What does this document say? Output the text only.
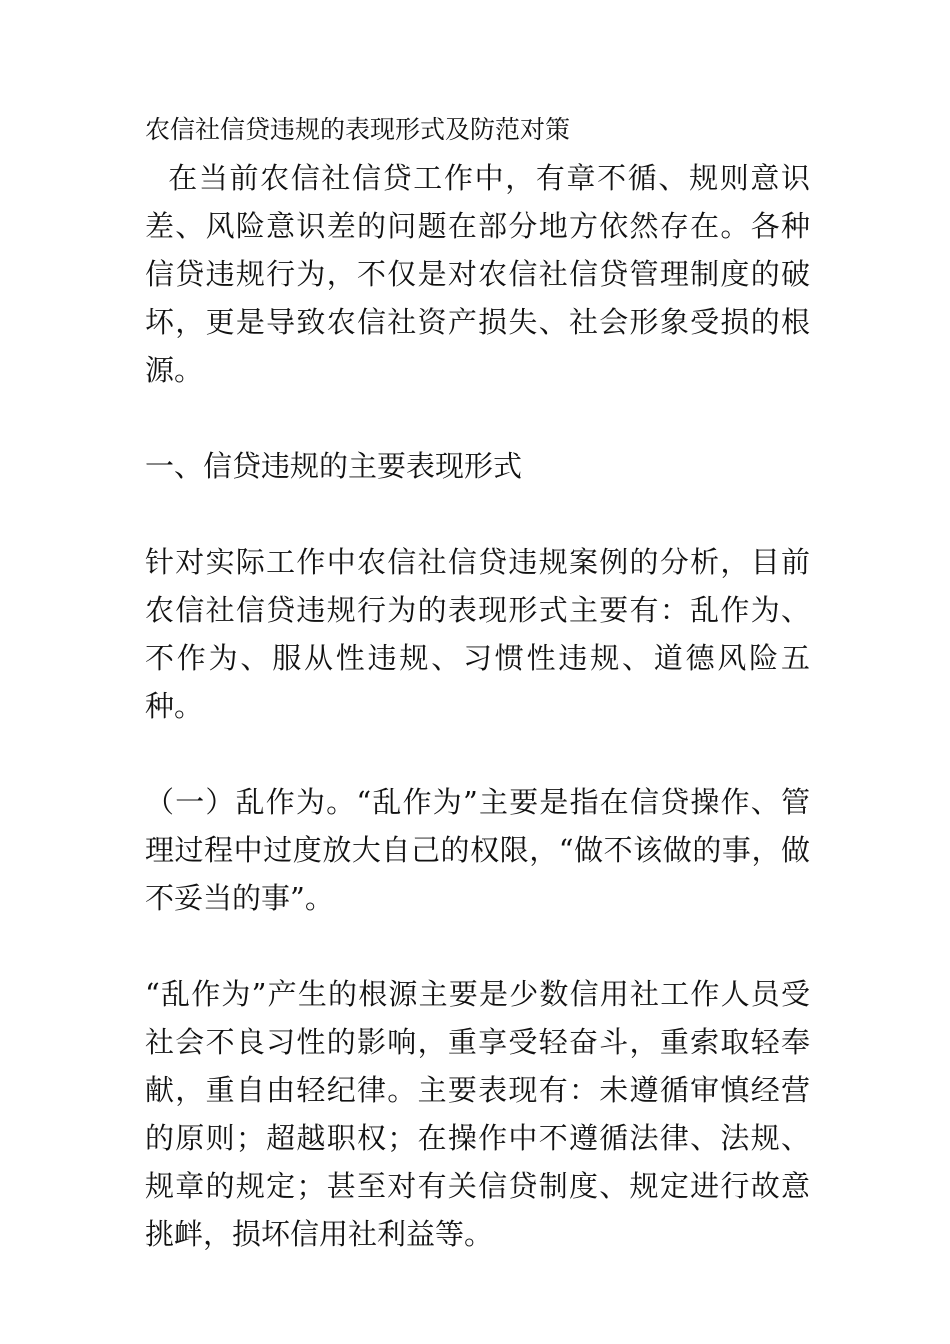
农信社信贷违规的表现形式及防范对策

在当前农信社信贷工作中，有章不循、规则意识差、风险意识差的问题在部分地方依然存在。各种信贷违规行为，不仅是对农信社信贷管理制度的破坏，更是导致农信社资产损失、社会形象受损的根源。

一、信贷违规的主要表现形式

针对实际工作中农信社信贷违规案例的分析，目前农信社信贷违规行为的表现形式主要有：乱作为、不作为、服从性违规、习惯性违规、道德风险五种。

（一）乱作为。“乱作为”主要是指在信贷操作、管理过程中过度放大自己的权限，“做不该做的事，做不妥当的事”。

“乱作为”产生的根源主要是少数信用社工作人员受社会不良习性的影响，重享受轻奋斗，重索取轻奉献，重自由轻纪律。主要表现有：未遵循审慎经营的原则；超越职权；在操作中不遵循法律、法规、规章的规定；甚至对有关信贷制度、规定进行故意挑衅，损坏信用社利益等。
